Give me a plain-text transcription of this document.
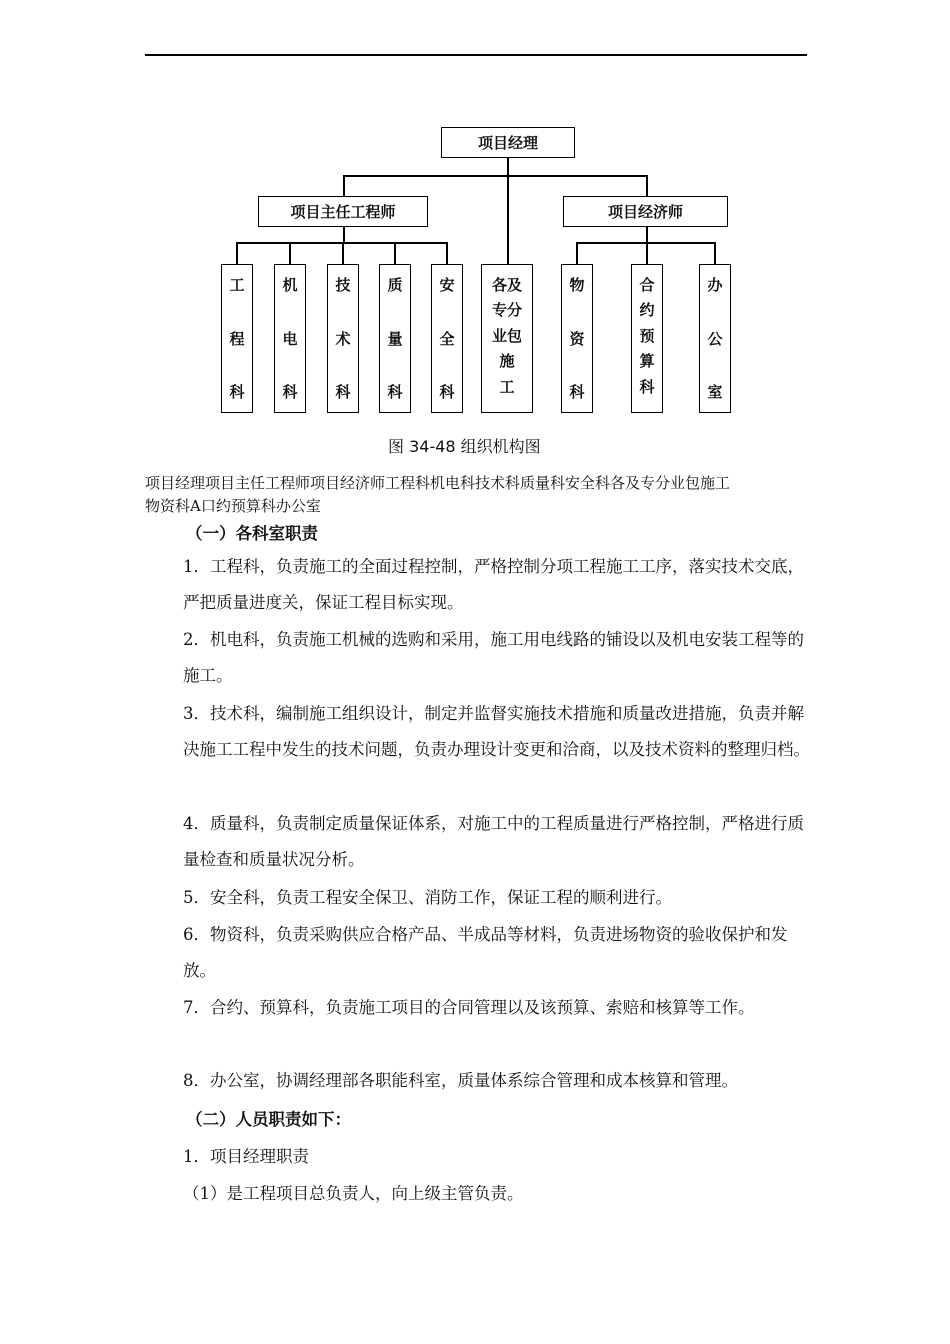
项目经理
项目主任工程师	项目经济师
工
程
科
机
电
科
技
术
科
质
量
科
安
全
科
各及
专分
业包
施
工
物
资
科
合
约
预
算
科
办
公
室
图 34-48 组织机构图
项目经理项目主任工程师项目经济师工程科机电科技术科质量科安全科各及专分业包施工
物资科A口约预算科办公室
（一）各科室职责
1．工程科，负责施工的全面过程控制，严格控制分项工程施工工序，落实技术交底，严把质量进度关，保证工程目标实现。
2．机电科，负责施工机械的选购和采用，施工用电线路的铺设以及机电安装工程等的施工。
3．技术科，编制施工组织设计，制定并监督实施技术措施和质量改进措施，负责并解决施工工程中发生的技术问题，负责办理设计变更和洽商，以及技术资料的整理归档。
4．质量科，负责制定质量保证体系，对施工中的工程质量进行严格控制，严格进行质量检查和质量状况分析。
5．安全科，负责工程安全保卫、消防工作，保证工程的顺利进行。
6．物资科，负责采购供应合格产品、半成品等材料，负责进场物资的验收保护和发放。
7．合约、预算科，负责施工项目的合同管理以及该预算、索赔和核算等工作。
8．办公室，协调经理部各职能科室，质量体系综合管理和成本核算和管理。
（二）人员职责如下：
1．项目经理职责
（1）是工程项目总负责人，向上级主管负责。
